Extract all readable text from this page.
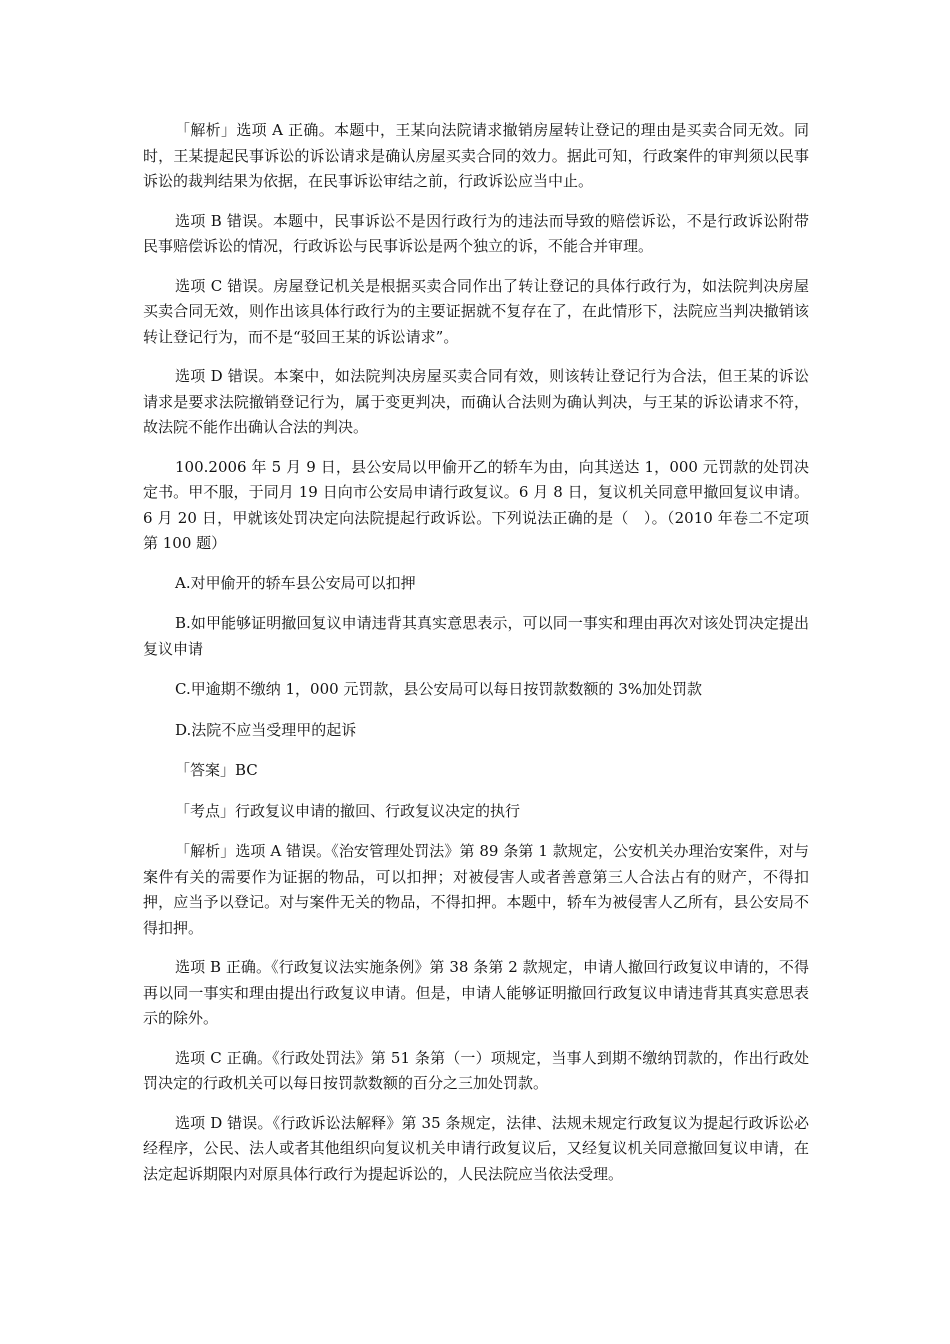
「解析」选项 A 正确。本题中，王某向法院请求撤销房屋转让登记的理由是买卖合同无效。同时，王某提起民事诉讼的诉讼请求是确认房屋买卖合同的效力。据此可知，行政案件的审判须以民事诉讼的裁判结果为依据，在民事诉讼审结之前，行政诉讼应当中止。

选项 B 错误。本题中，民事诉讼不是因行政行为的违法而导致的赔偿诉讼，不是行政诉讼附带民事赔偿诉讼的情况，行政诉讼与民事诉讼是两个独立的诉，不能合并审理。

选项 C 错误。房屋登记机关是根据买卖合同作出了转让登记的具体行政行为，如法院判决房屋买卖合同无效，则作出该具体行政行为的主要证据就不复存在了，在此情形下，法院应当判决撤销该转让登记行为，而不是“驳回王某的诉讼请求”。

选项 D 错误。本案中，如法院判决房屋买卖合同有效，则该转让登记行为合法，但王某的诉讼请求是要求法院撤销登记行为，属于变更判决，而确认合法则为确认判决，与王某的诉讼请求不符，故法院不能作出确认合法的判决。

100.2006 年 5 月 9 日，县公安局以甲偷开乙的轿车为由，向其送达 1，000 元罚款的处罚决定书。甲不服，于同月 19 日向市公安局申请行政复议。6 月 8 日，复议机关同意甲撤回复议申请。6 月 20 日，甲就该处罚决定向法院提起行政诉讼。下列说法正确的是（　）。（2010 年卷二不定项第 100 题）

A.对甲偷开的轿车县公安局可以扣押

B.如甲能够证明撤回复议申请违背其真实意思表示，可以同一事实和理由再次对该处罚决定提出复议申请

C.甲逾期不缴纳 1，000 元罚款，县公安局可以每日按罚款数额的 3%加处罚款

D.法院不应当受理甲的起诉

「答案」BC

「考点」行政复议申请的撤回、行政复议决定的执行

「解析」选项 A 错误。《治安管理处罚法》第 89 条第 1 款规定，公安机关办理治安案件，对与案件有关的需要作为证据的物品，可以扣押；对被侵害人或者善意第三人合法占有的财产，不得扣押，应当予以登记。对与案件无关的物品，不得扣押。本题中，轿车为被侵害人乙所有，县公安局不得扣押。

选项 B 正确。《行政复议法实施条例》第 38 条第 2 款规定，申请人撤回行政复议申请的，不得再以同一事实和理由提出行政复议申请。但是，申请人能够证明撤回行政复议申请违背其真实意思表示的除外。

选项 C 正确。《行政处罚法》第 51 条第（一）项规定，当事人到期不缴纳罚款的，作出行政处罚决定的行政机关可以每日按罚款数额的百分之三加处罚款。

选项 D 错误。《行政诉讼法解释》第 35 条规定，法律、法规未规定行政复议为提起行政诉讼必经程序，公民、法人或者其他组织向复议机关申请行政复议后，又经复议机关同意撤回复议申请，在法定起诉期限内对原具体行政行为提起诉讼的，人民法院应当依法受理。
